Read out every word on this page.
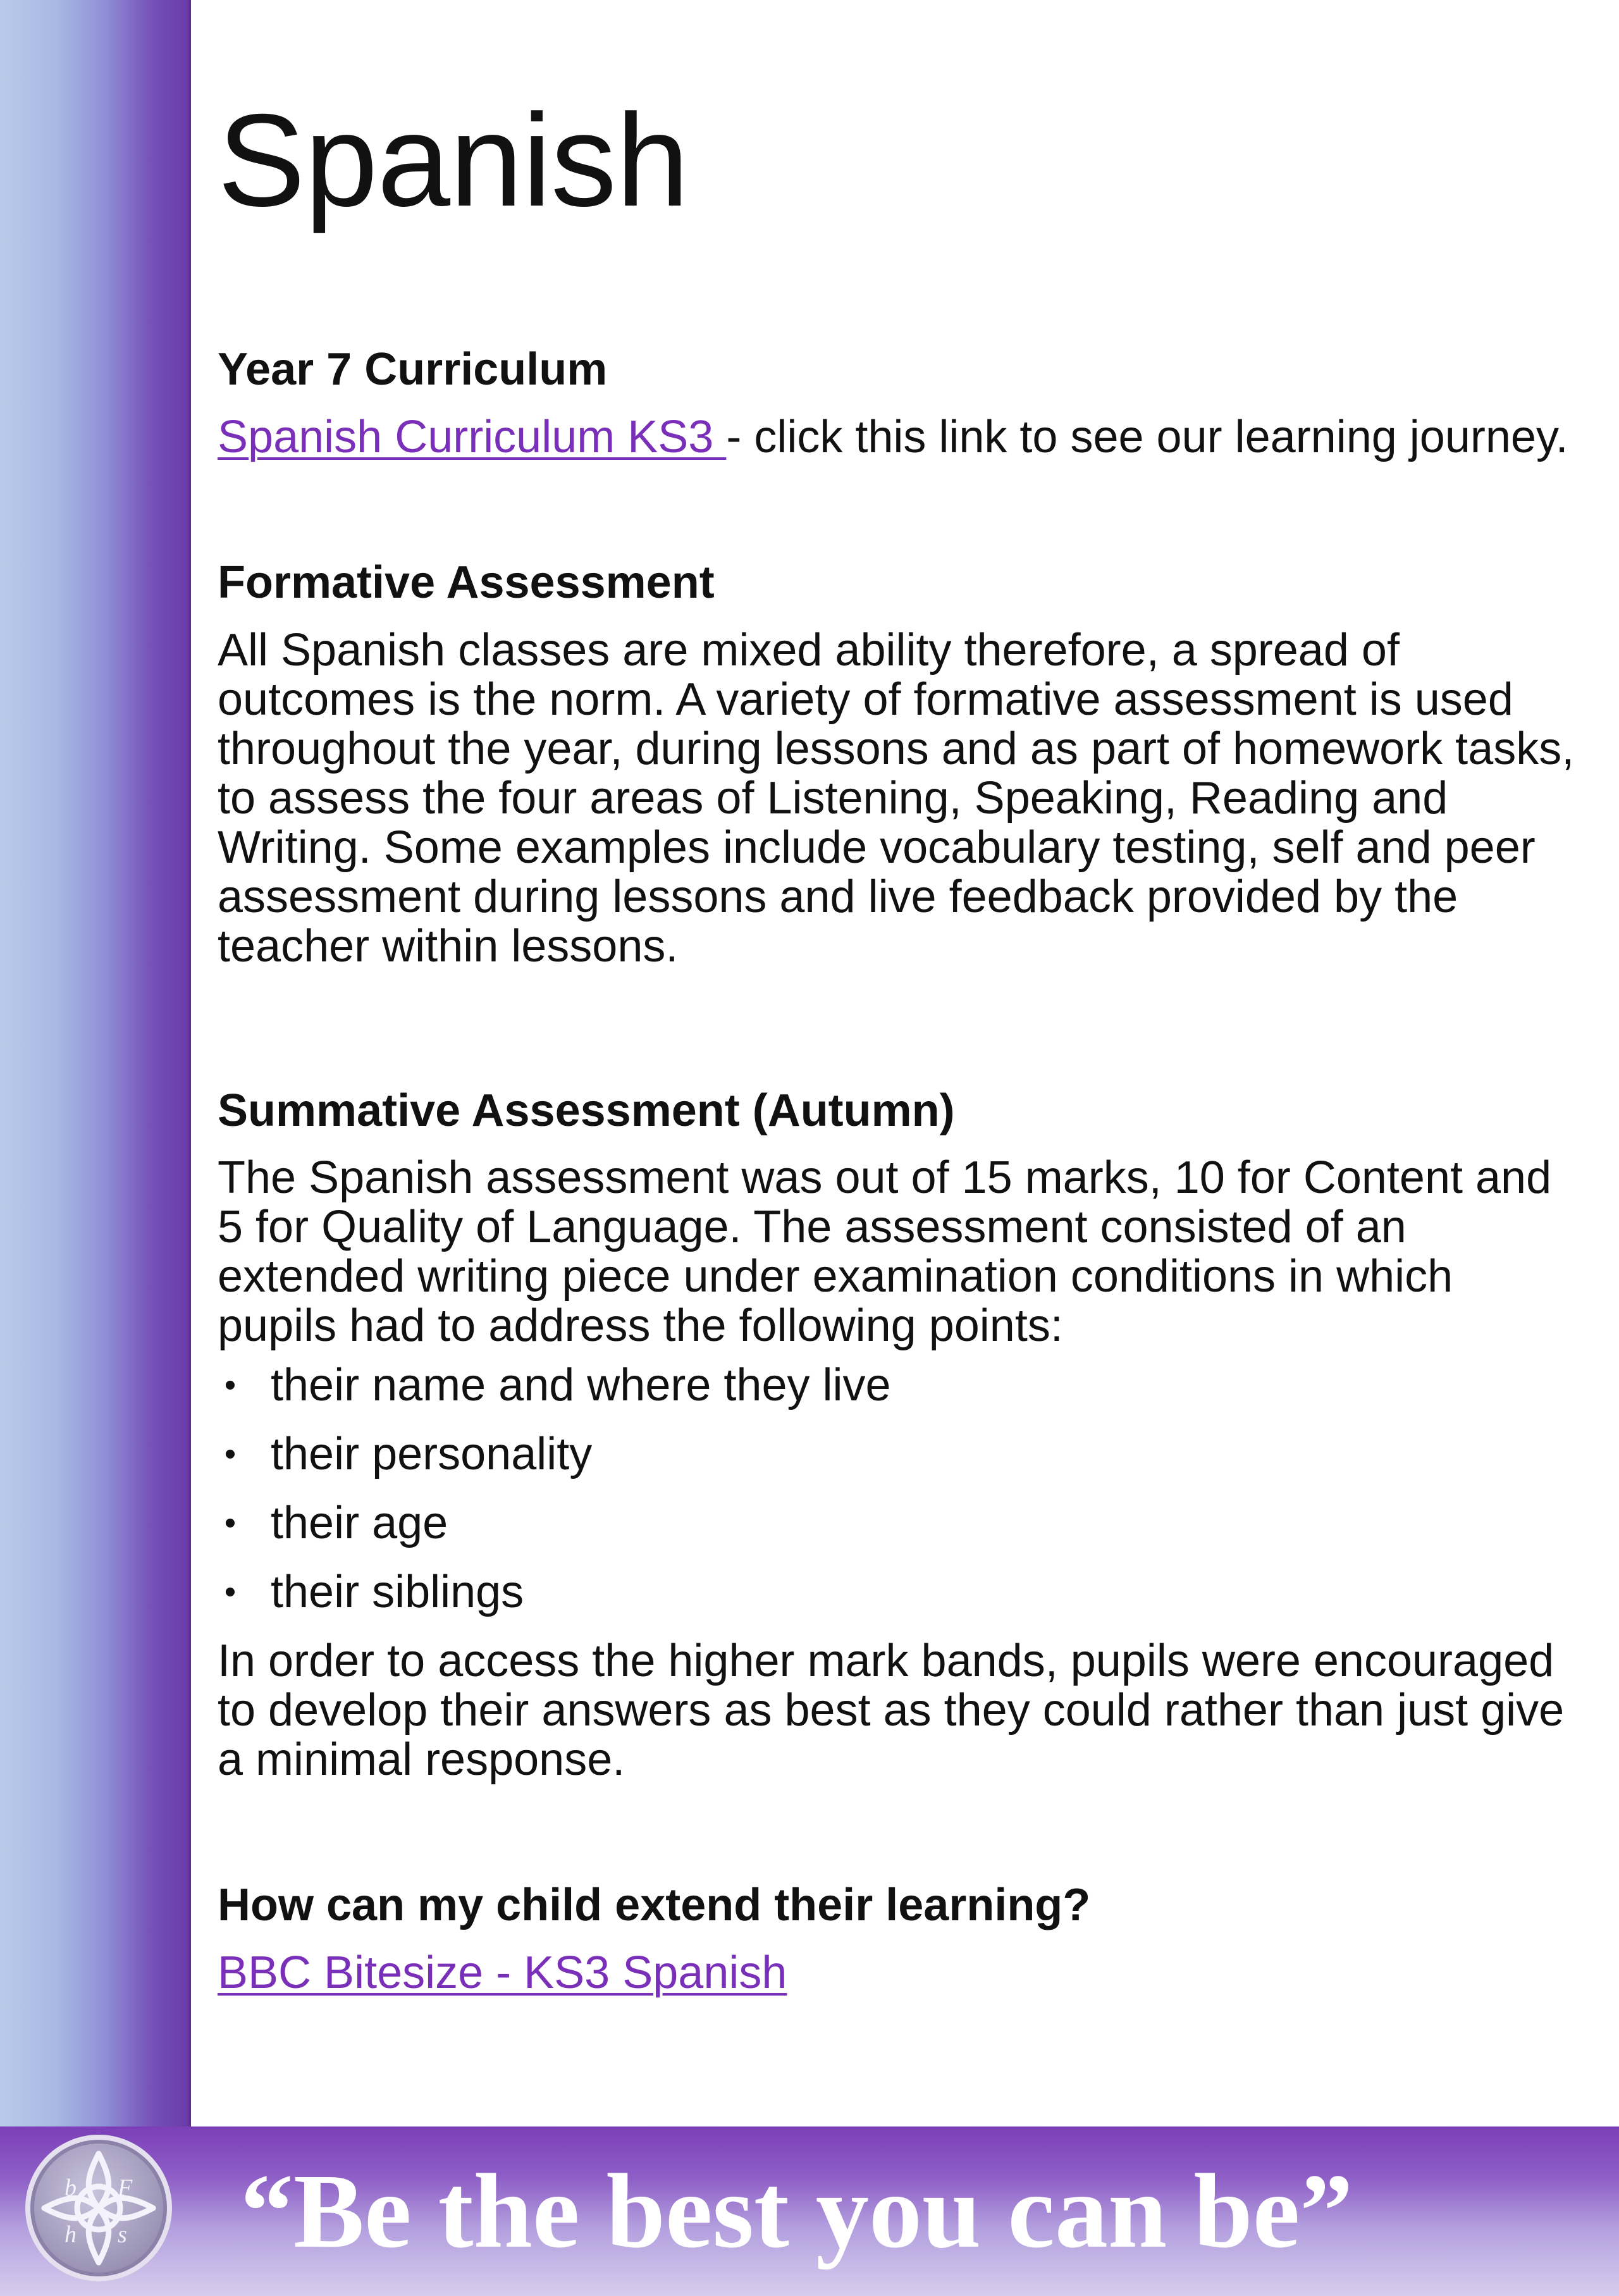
Spanish
Year 7 Curriculum

Spanish Curriculum KS3 - click this link to see our learning journey.

Formative Assessment

All Spanish classes are mixed ability therefore, a spread of outcomes is the norm. A variety of formative assessment is used throughout the year, during lessons and as part of homework tasks, to assess the four areas of Listening, Speaking, Reading and Writing. Some examples include vocabulary testing, self and peer assessment during lessons and live feedback provided by the teacher within lessons.

Summative Assessment (Autumn)

The Spanish assessment was out of 15 marks, 10 for Content and 5 for Quality of Language. The assessment consisted of an extended writing piece under examination conditions in which pupils had to address the following points:

• their name and where they live
• their personality
• their age
• their siblings

In order to access the higher mark bands, pupils were encouraged to develop their answers as best as they could rather than just give a minimal response.

How can my child extend their learning?

BBC Bitesize - KS3 Spanish

b F
h s “Be the best you can be”
